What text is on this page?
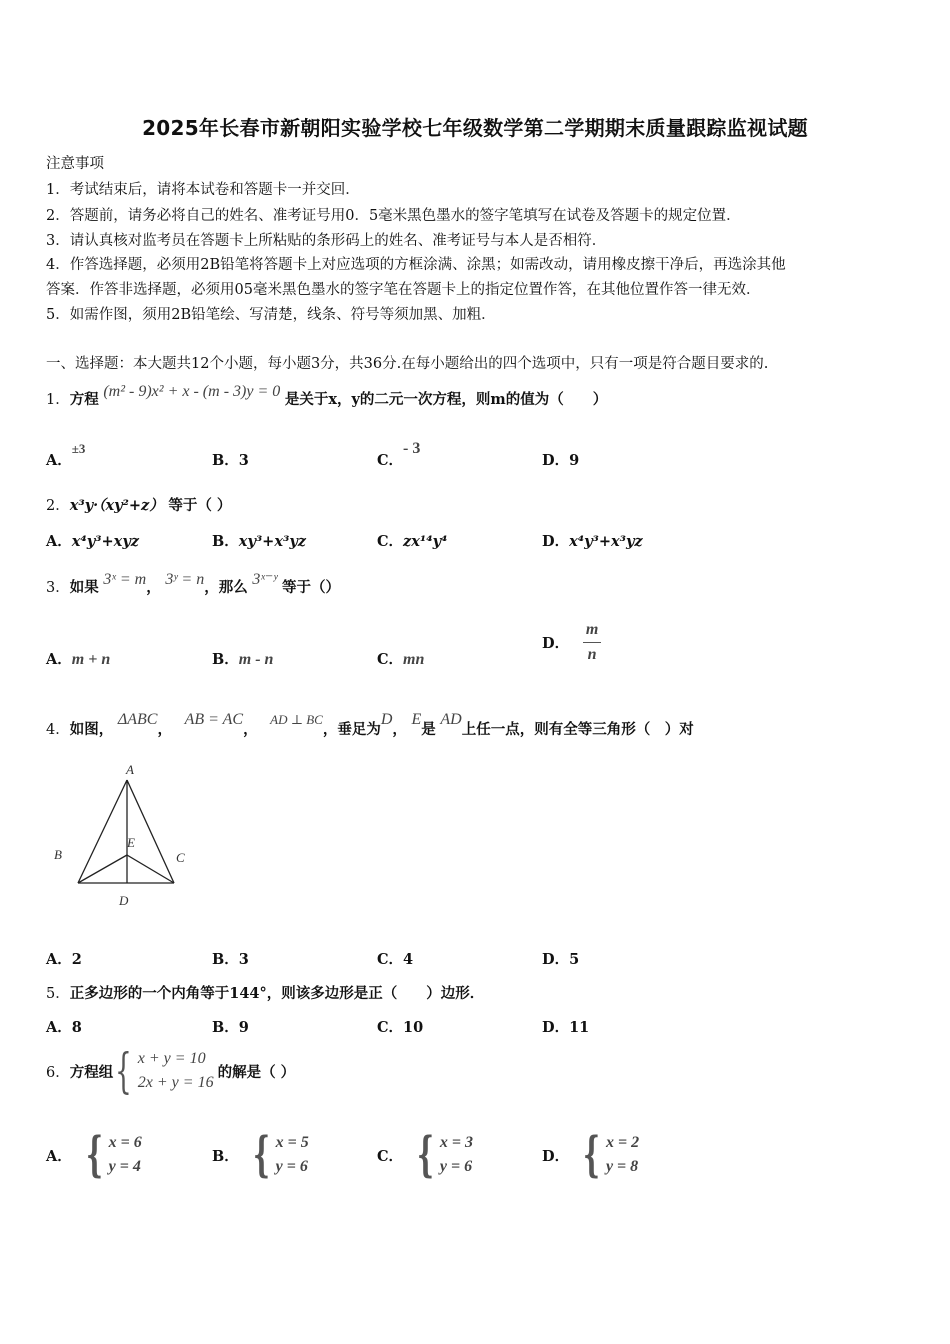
2025年长春市新朝阳实验学校七年级数学第二学期期末质量跟踪监视试题
注意事项
1．考试结束后，请将本试卷和答题卡一并交回．
2．答题前，请务必将自己的姓名、准考证号用0．5毫米黑色墨水的签字笔填写在试卷及答题卡的规定位置．
3．请认真核对监考员在答题卡上所粘贴的条形码上的姓名、准考证号与本人是否相符．
4．作答选择题，必须用2B铅笔将答题卡上对应选项的方框涂满、涂黑；如需改动，请用橡皮擦干净后，再选涂其他
答案．作答非选择题，必须用05毫米黑色墨水的签字笔在答题卡上的指定位置作答，在其他位置作答一律无效．
5．如需作图，须用2B铅笔绘、写清楚，线条、符号等须加黑、加粗．
一、选择题：本大题共12个小题，每小题3分，共36分.在每小题给出的四个选项中，只有一项是符合题目要求的.
1．方程 (m² - 9)x² + x - (m - 3)y = 0 是关于x，y的二元一次方程，则m的值为（　　）
A．±3
B．3	C．- 3
D．9
2．x³y·（xy²+z） 等于（ ）
A．x⁴y³+xyz	B．xy³+x³yz	C．zx¹⁴y⁴	D．x⁴y³+x³yz
3．如果 3ˣ = m， 3ʸ = n，那么 3ˣ⁻ʸ 等于（）
A．m + n	B．m - n	C．mn
D． $\frac{m}{n}$
4．如图， ΔABC， AB = AC， AD ⊥ BC，垂足为D， E是 AD上任一点，则有全等三角形（　）对
A
B	C
D
E
A．2	B．3	C．4	D．5
5．正多边形的一个内角等于144°，则该多边形是正（　　）边形．
A．8	B．9	C．10	D．11
6． 方程组 { x + y = 10
2x + y = 16
的解是（ ）
A． { x = 6
y = 4
B． { x = 5
y = 6
C． { x = 3
y = 6
D． { x = 2
y = 8
